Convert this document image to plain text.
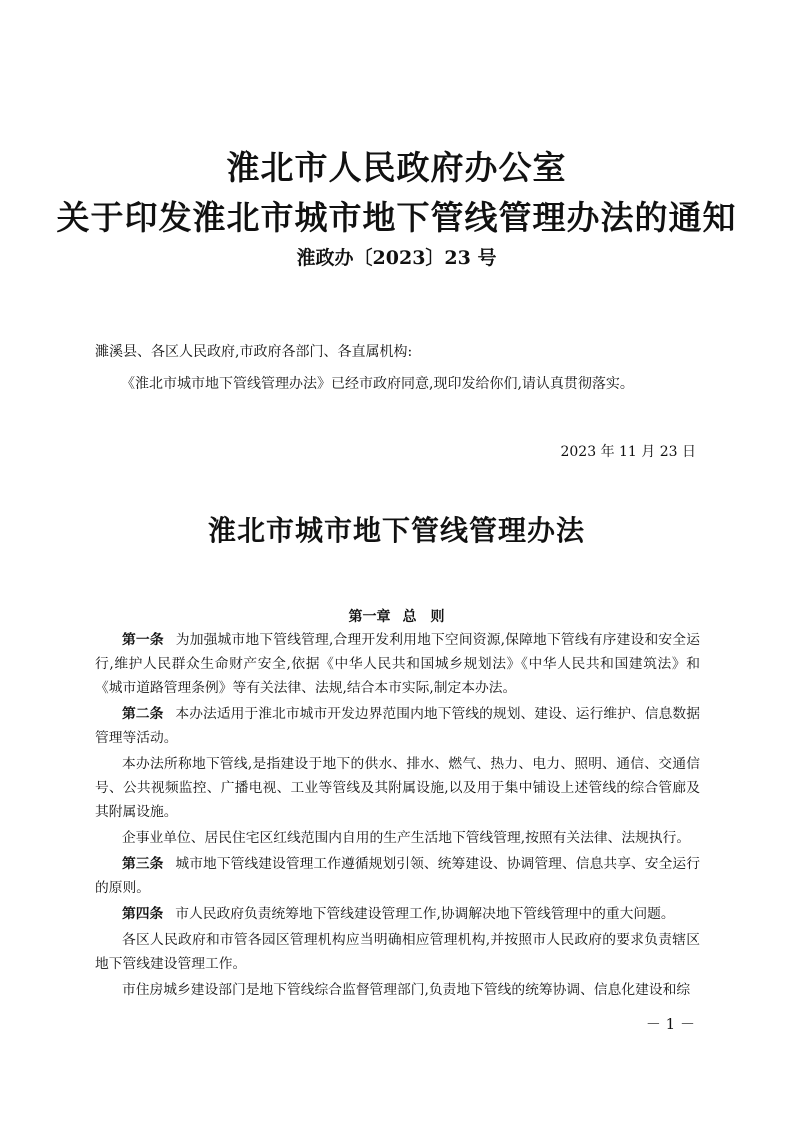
淮北市人民政府办公室
关于印发淮北市城市地下管线管理办法的通知
淮政办〔2023〕23 号
濉溪县、各区人民政府,市政府各部门、各直属机构:
《淮北市城市地下管线管理办法》已经市政府同意,现印发给你们,请认真贯彻落实。
2023 年 11 月 23 日
淮北市城市地下管线管理办法
第一章 总　则

第一条 为加强城市地下管线管理,合理开发利用地下空间资源,保障地下管线有序建设和安全运行,维护人民群众生命财产安全,依据《中华人民共和国城乡规划法》《中华人民共和国建筑法》和《城市道路管理条例》等有关法律、法规,结合本市实际,制定本办法。

第二条 本办法适用于淮北市城市开发边界范围内地下管线的规划、建设、运行维护、信息数据管理等活动。

本办法所称地下管线,是指建设于地下的供水、排水、燃气、热力、电力、照明、通信、交通信号、公共视频监控、广播电视、工业等管线及其附属设施,以及用于集中铺设上述管线的综合管廊及其附属设施。

企事业单位、居民住宅区红线范围内自用的生产生活地下管线管理,按照有关法律、法规执行。

第三条 城市地下管线建设管理工作遵循规划引领、统筹建设、协调管理、信息共享、安全运行的原则。

第四条 市人民政府负责统筹地下管线建设管理工作,协调解决地下管线管理中的重大问题。

各区人民政府和市管各园区管理机构应当明确相应管理机构,并按照市人民政府的要求负责辖区地下管线建设管理工作。

市住房城乡建设部门是地下管线综合监督管理部门,负责地下管线的统筹协调、信息化建设和综

－ 1 －
